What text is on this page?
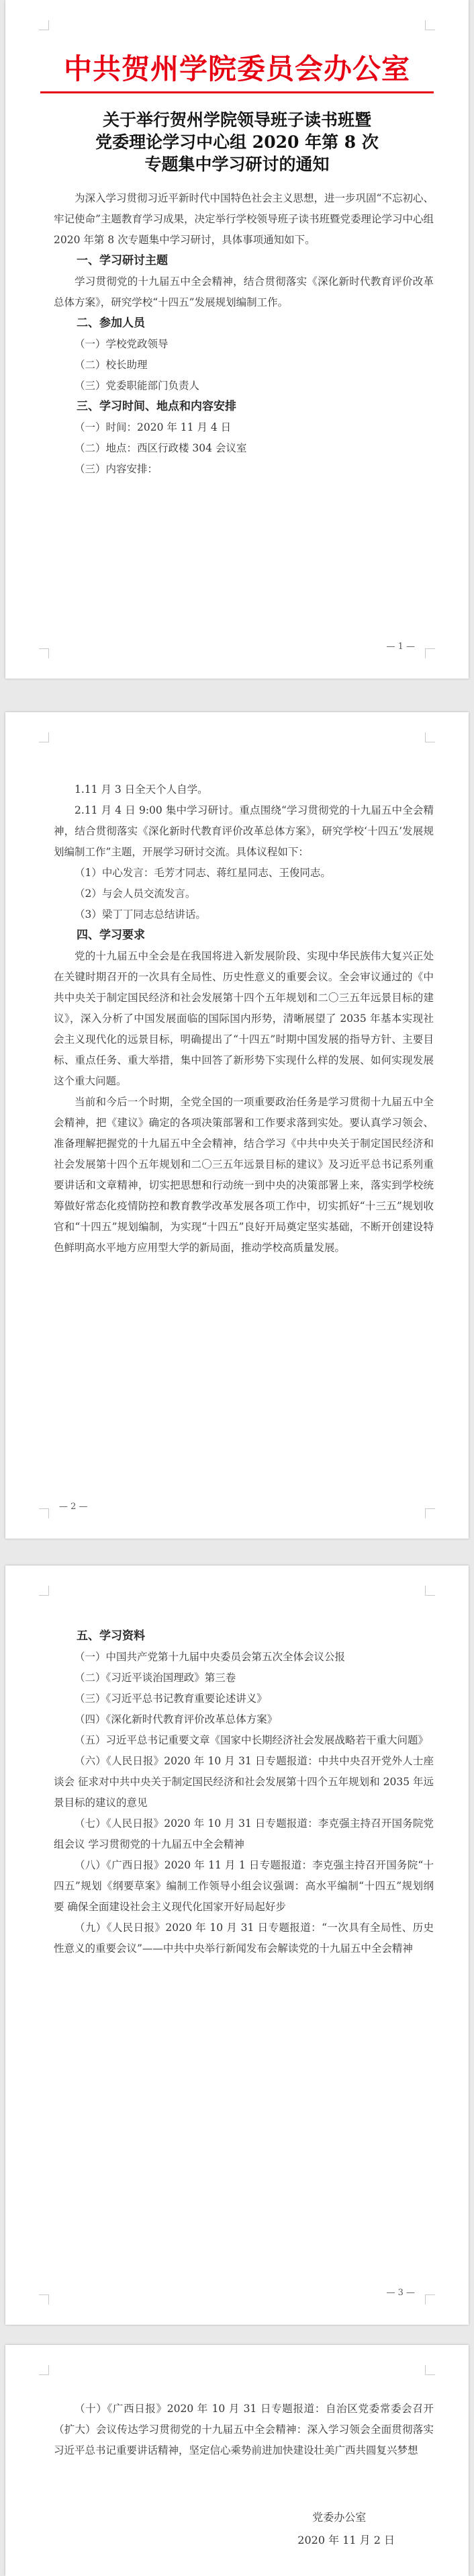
中共贺州学院委员会办公室
关于举行贺州学院领导班子读书班暨
党委理论学习中心组 2020 年第 8 次
专题集中学习研讨的通知

为深入学习贯彻习近平新时代中国特色社会主义思想，进一步巩固“不忘初心、牢记使命”主题教育学习成果，决定举行学校领导班子读书班暨党委理论学习中心组 2020 年第 8 次专题集中学习研讨，具体事项通知如下。

一、学习研讨主题

学习贯彻党的十九届五中全会精神，结合贯彻落实《深化新时代教育评价改革总体方案》，研究学校“十四五”发展规划编制工作。

二、参加人员

（一）学校党政领导

（二）校长助理

（三）党委职能部门负责人

三、学习时间、地点和内容安排

（一）时间：2020 年 11 月 4 日

（二）地点：西区行政楼 304 会议室

（三）内容安排：

— 1 —

1.11 月 3 日全天个人自学。

2.11 月 4 日 9:00 集中学习研讨。重点围绕“学习贯彻党的十九届五中全会精神，结合贯彻落实《深化新时代教育评价改革总体方案》，研究学校‘十四五’发展规划编制工作”主题，开展学习研讨交流。具体议程如下：

（1）中心发言：毛芳才同志、蒋红星同志、王俊同志。

（2）与会人员交流发言。

（3）梁丁丁同志总结讲话。

四、学习要求

党的十九届五中全会是在我国将进入新发展阶段、实现中华民族伟大复兴正处在关键时期召开的一次具有全局性、历史性意义的重要会议。全会审议通过的《中共中央关于制定国民经济和社会发展第十四个五年规划和二〇三五年远景目标的建议》，深入分析了中国发展面临的国际国内形势，清晰展望了 2035 年基本实现社会主义现代化的远景目标，明确提出了“十四五”时期中国发展的指导方针、主要目标、重点任务、重大举措，集中回答了新形势下实现什么样的发展、如何实现发展这个重大问题。

当前和今后一个时期，全党全国的一项重要政治任务是学习贯彻十九届五中全会精神，把《建议》确定的各项决策部署和工作要求落到实处。要认真学习领会、准备理解把握党的十九届五中全会精神，结合学习《中共中央关于制定国民经济和社会发展第十四个五年规划和二〇三五年远景目标的建议》及习近平总书记系列重要讲话和文章精神，切实把思想和行动统一到中央的决策部署上来，落实到学校统筹做好常态化疫情防控和教育教学改革发展各项工作中，切实抓好“十三五”规划收官和“十四五”规划编制，为实现“十四五”良好开局奠定坚实基础，不断开创建设特色鲜明高水平地方应用型大学的新局面，推动学校高质量发展。

— 2 —

五、学习资料

（一）中国共产党第十九届中央委员会第五次全体会议公报

（二）《习近平谈治国理政》第三卷

（三）《习近平总书记教育重要论述讲义》

（四）《深化新时代教育评价改革总体方案》

（五）习近平总书记重要文章《国家中长期经济社会发展战略若干重大问题》

（六）《人民日报》2020 年 10 月 31 日专题报道：中共中央召开党外人士座谈会 征求对中共中央关于制定国民经济和社会发展第十四个五年规划和 2035 年远景目标的建议的意见

（七）《人民日报》2020 年 10 月 31 日专题报道：李克强主持召开国务院党组会议 学习贯彻党的十九届五中全会精神

（八）《广西日报》2020 年 11 月 1 日专题报道：李克强主持召开国务院“十四五”规划《纲要草案》编制工作领导小组会议强调：高水平编制“十四五”规划纲要 确保全面建设社会主义现代化国家开好局起好步

（九）《人民日报》2020 年 10 月 31 日专题报道：“一次具有全局性、历史性意义的重要会议”——中共中央举行新闻发布会解读党的十九届五中全会精神

— 3 —

（十）《广西日报》2020 年 10 月 31 日专题报道：自治区党委常委会召开（扩大）会议传达学习贯彻党的十九届五中全会精神：深入学习领会全面贯彻落实习近平总书记重要讲话精神，坚定信心乘势前进加快建设壮美广西共圆复兴梦想

党委办公室
2020 年 11 月 2 日
